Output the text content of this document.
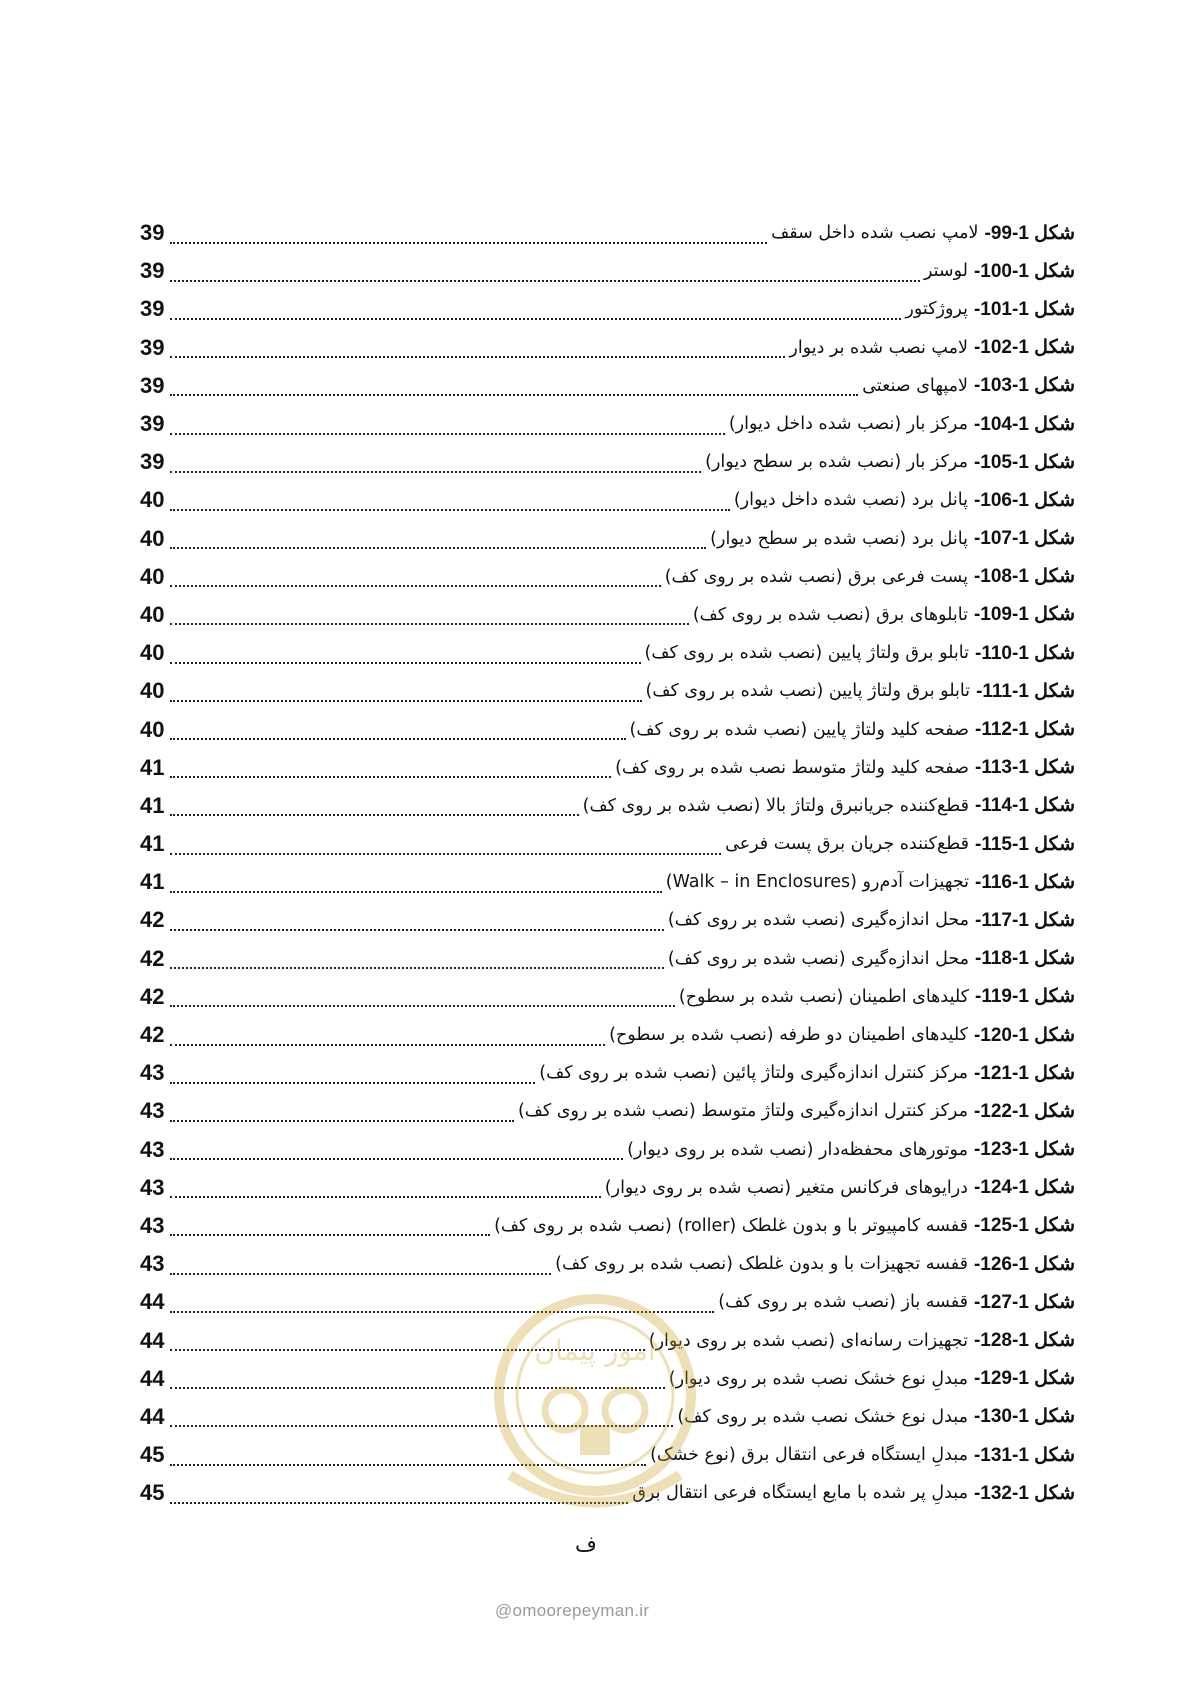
شکل 1-99-
لامپ نصب شده داخل سقف
39
شکل 1-100-
لوستر
39
شکل 1-101-
پروژکتور
39
شکل 1-102-
لامپ نصب شده بر دیوار
39
شکل 1-103-
لامپهای صنعتی
39
شکل 1-104-
مرکز بار (نصب شده داخل دیوار)
39
شکل 1-105-
مرکز بار (نصب شده بر سطح دیوار)
39
شکل 1-106-
پانل برد (نصب شده داخل دیوار)
40
شکل 1-107-
پانل برد (نصب شده بر سطح دیوار)
40
شکل 1-108-
پست فرعی برق (نصب شده بر روی کف)
40
شکل 1-109-
تابلوهای برق (نصب شده بر روی کف)
40
شکل 1-110-
تابلو برق ولتاژ پایین (نصب شده بر روی کف)
40
شکل 1-111-
تابلو برق ولتاژ پایین (نصب شده بر روی کف)
40
شکل 1-112-
صفحه کلید ولتاژ پایین (نصب شده بر روی کف)
40
شکل 1-113-
صفحه کلید ولتاژ متوسط نصب شده بر روی کف)
41
شکل 1-114-
قطع‌کننده جریانبرق ولتاژ بالا (نصب شده بر روی کف)
41
شکل 1-115-
قطع‌کننده جریان برق پست فرعی
41
شکل 1-116-
تجهیزات آدم‌رو (Walk – in Enclosures)
41
شکل 1-117-
محل اندازه‌گیری (نصب شده بر روی کف)
42
شکل 1-118-
محل اندازه‌گیری (نصب شده بر روی کف)
42
شکل 1-119-
کلیدهای اطمینان (نصب شده بر سطوح)
42
شکل 1-120-
کلیدهای اطمینان دو طرفه (نصب شده بر سطوح)
42
شکل 1-121-
مرکز کنترل اندازه‌گیری ولتاژ پائین (نصب شده بر روی کف)
43
شکل 1-122-
مرکز کنترل اندازه‌گیری ولتاژ متوسط (نصب شده بر روی کف)
43
شکل 1-123-
موتورهای محفظه‌دار (نصب شده بر روی دیوار)
43
شکل 1-124-
درایوهای فرکانس متغیر (نصب شده بر روی دیوار)
43
شکل 1-125-
قفسه کامپیوتر با و بدون غلطک (roller) (نصب شده بر روی کف)
43
شکل 1-126-
قفسه تجهیزات با و بدون غلطک (نصب شده بر روی کف)
43
شکل 1-127-
قفسه باز (نصب شده بر روی کف)
44
شکل 1-128-
تجهیزات رسانه‌ای (نصب شده بر روی دیوار)
44
شکل 1-129-
مبدلِ نوع خشک نصب شده بر روی دیوار)
44
شکل 1-130-
مبدل نوع خشک نصب شده بر روی کف)
44
شکل 1-131-
مبدلِ ایستگاه فرعی انتقال برق (نوع خشک)
45
شکل 1-132-
مبدلِ پر شده با مایع ایستگاه فرعی انتقال برق
45
امور پیمان
ف
@omoorepeyman.ir
